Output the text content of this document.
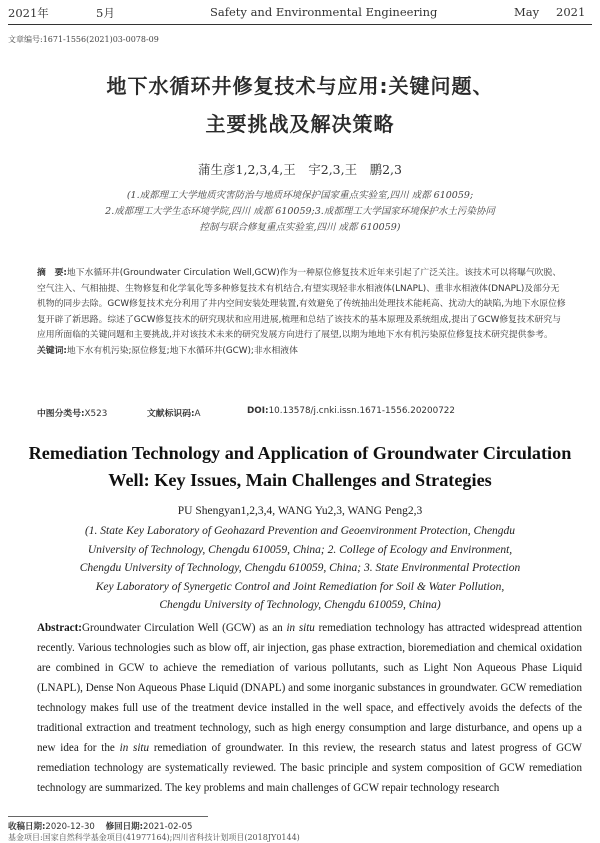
2021年	5月	Safety and Environmental Engineering	May 2021
文章编号:1671-1556(2021)03-0078-09
地下水循环井修复技术与应用:关键问题、
主要挑战及解决策略
蒲生彦1,2,3,4,王　宇2,3,王　鹏2,3
(1.成都理工大学地质灾害防治与地质环境保护国家重点实验室,四川 成都 610059;
2.成都理工大学生态环境学院,四川 成都 610059;3.成都理工大学国家环境保护水土污染协同
控制与联合修复重点实验室,四川 成都 610059)
摘　要:地下水循环井(Groundwater Circulation Well,GCW)作为一种原位修复技术近年来引起了广泛关注。该技术可以将曝气吹脱、空气注入、气相抽提、生物修复和化学氧化等多种修复技术有机结合,有望实现轻非水相液体(LNAPL)、重非水相液体(DNAPL)及部分无机物的同步去除。GCW修复技术充分利用了井内空间安装处理装置,有效避免了传统抽出处理技术能耗高、扰动大的缺陷,为地下水原位修复开辟了新思路。综述了GCW修复技术的研究现状和应用进展,梳理和总结了该技术的基本原理及系统组成,提出了GCW修复技术研究与应用所面临的关键问题和主要挑战,并对该技术未来的研究发展方向进行了展望,以期为地地下水有机污染原位修复技术研究提供参考。
关键词:地下水有机污染;原位修复;地下水循环井(GCW);非水相液体
中图分类号:X523	文献标识码:A	DOI:10.13578/j.cnki.issn.1671-1556.20200722
Remediation Technology and Application of Groundwater Circulation
Well: Key Issues, Main Challenges and Strategies
PU Shengyan1,2,3,4, WANG Yu2,3, WANG Peng2,3
(1. State Key Laboratory of Geohazard Prevention and Geoenvironment Protection, Chengdu
University of Technology, Chengdu 610059, China; 2. College of Ecology and Environment,
Chengdu University of Technology, Chengdu 610059, China; 3. State Environmental Protection
Key Laboratory of Synergetic Control and Joint Remediation for Soil & Water Pollution,
Chengdu University of Technology, Chengdu 610059, China)
Abstract:Groundwater Circulation Well (GCW) as an in situ remediation technology has attracted widespread attention recently. Various technologies such as blow off, air injection, gas phase extraction, bioremediation and chemical oxidation are combined in GCW to achieve the remediation of various pollutants, such as Light Non Aqueous Phase Liquid (LNAPL), Dense Non Aqueous Phase Liquid (DNAPL) and some inorganic substances in groundwater. GCW remediation technology makes full use of the treatment device installed in the well space, and effectively avoids the defects of the traditional extraction and treatment technology, such as high energy consumption and large disturbance, and opens up a new idea for the in situ remediation of groundwater. In this review, the research status and latest progress of GCW remediation technology are systematically reviewed. The basic principle and system composition of GCW remediation technology are summarized. The key problems and main challenges of GCW repair technology research
收稿日期:2020-12-30 修回日期:2021-02-05
基金项目:国家自然科学基金项目(41977164);四川省科技计划项目(2018JY0144)
